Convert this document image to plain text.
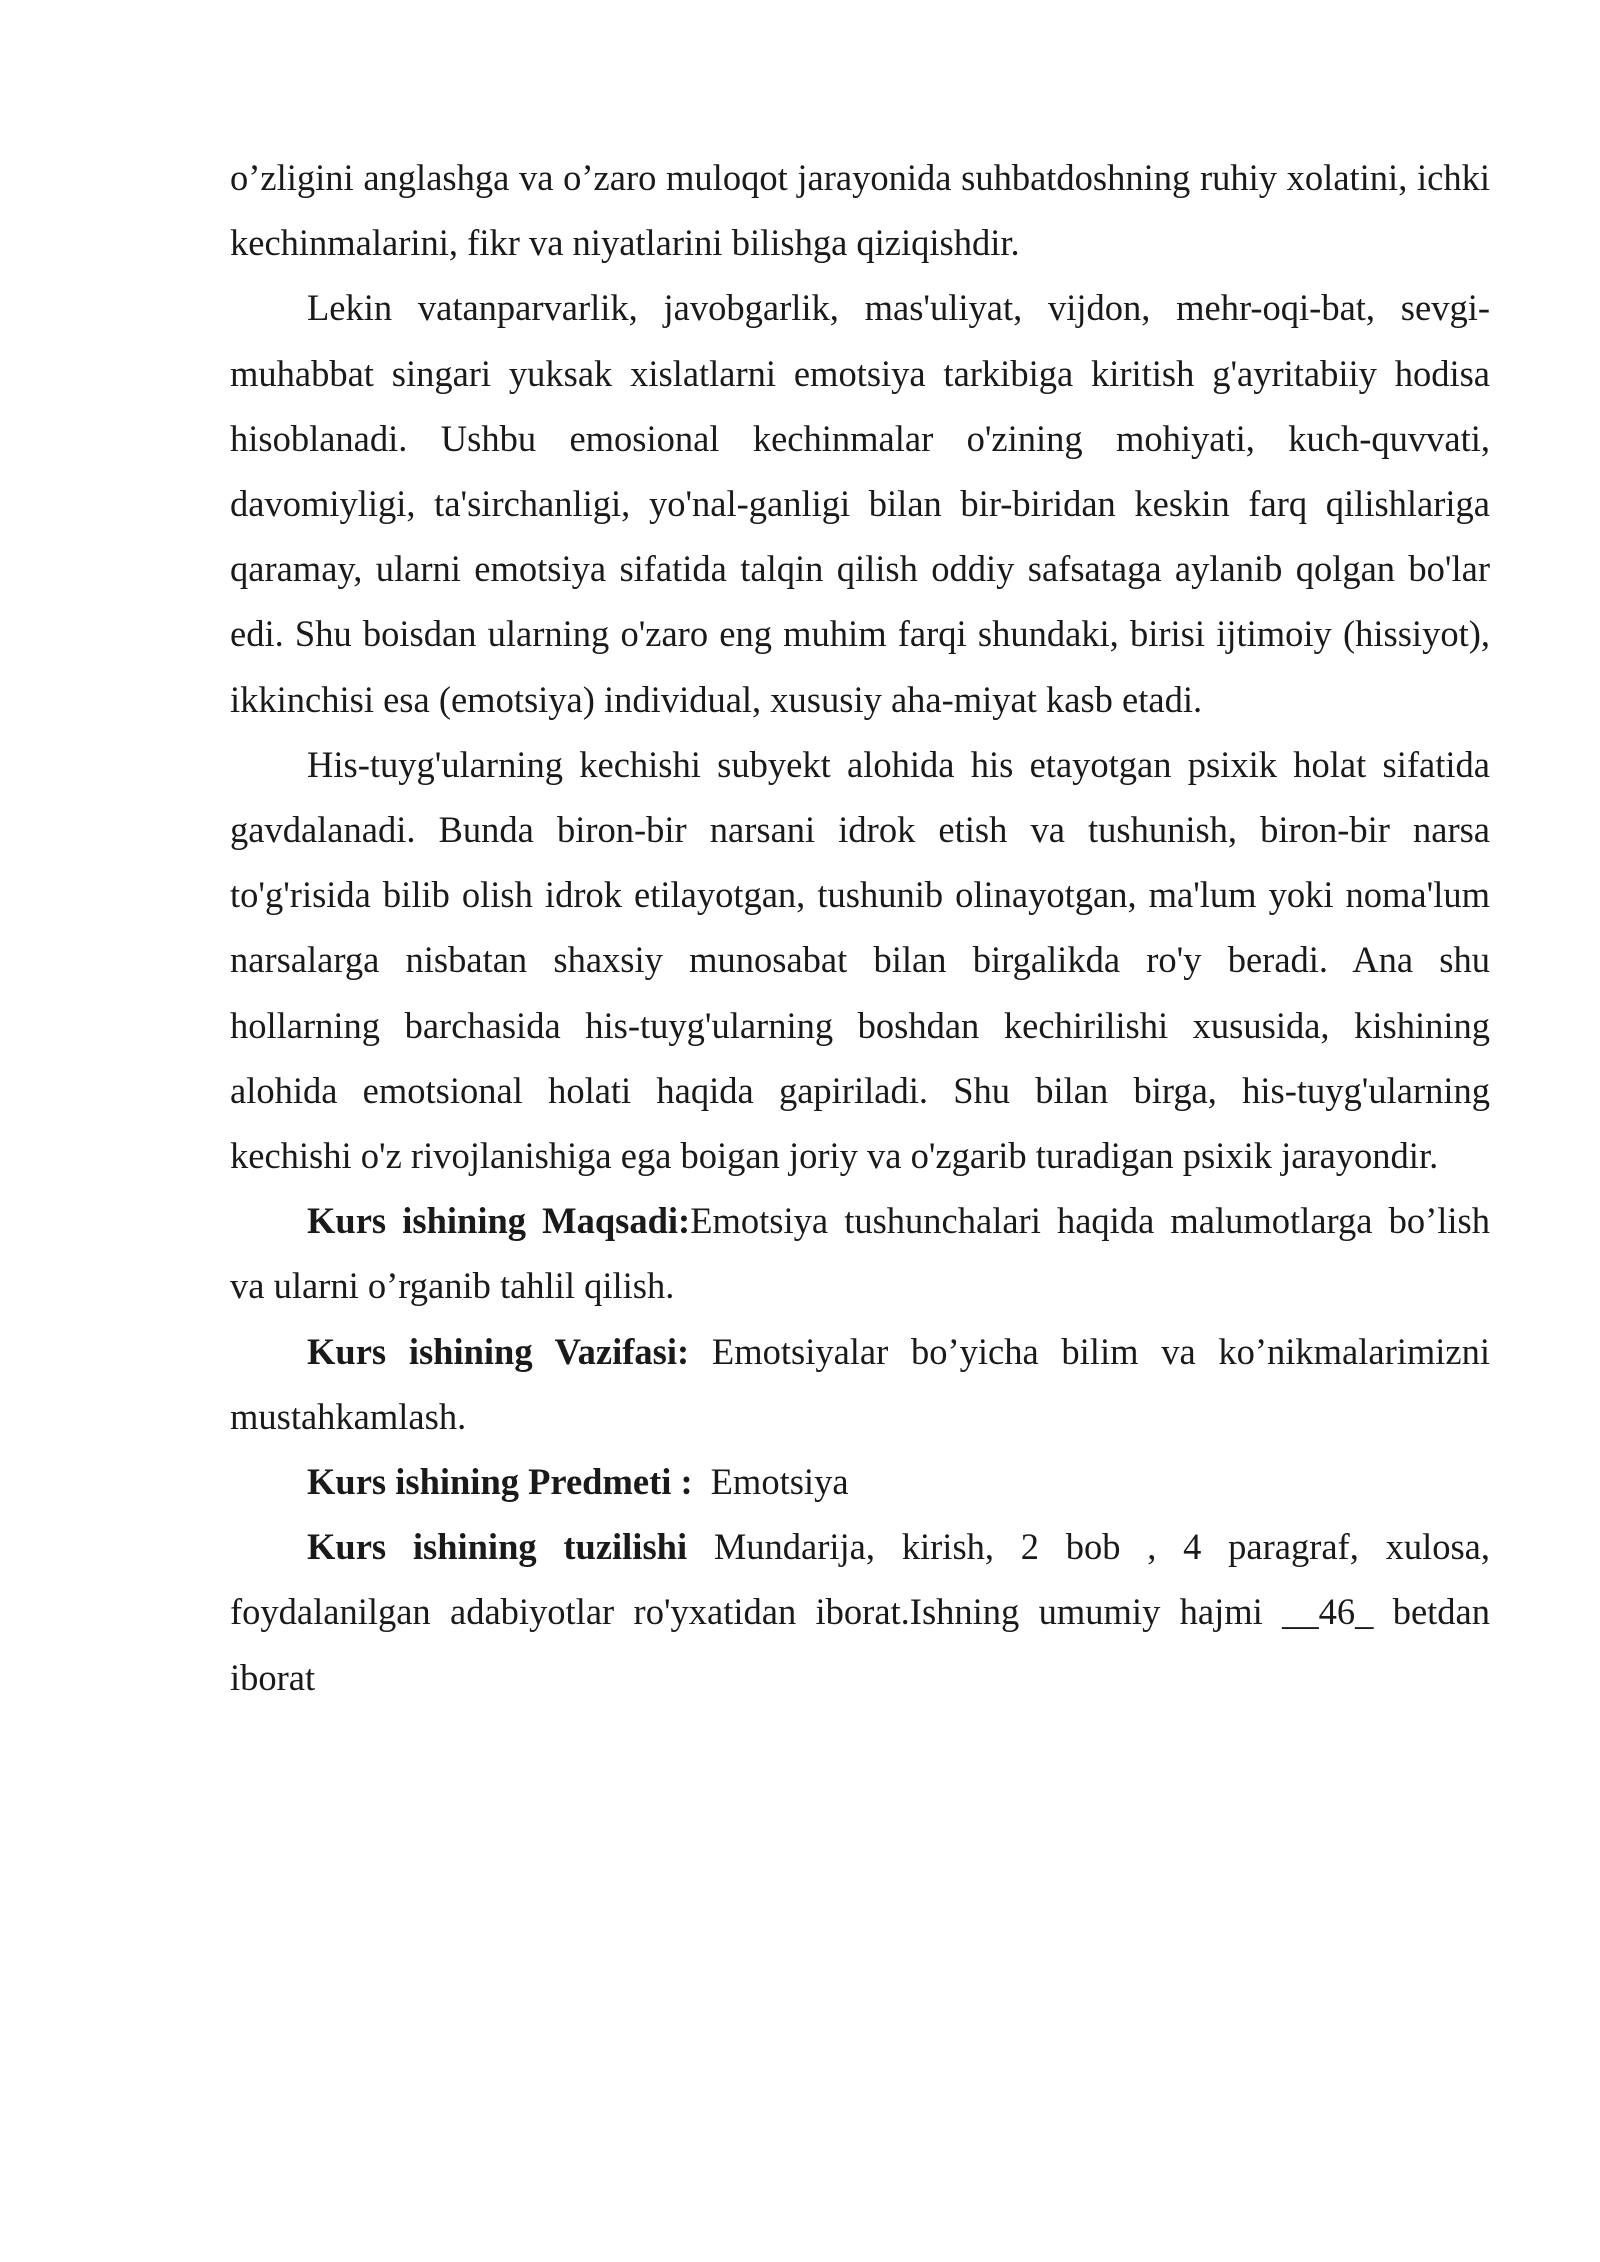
o’zligini anglashga va o’zaro muloqot jarayonida suhbatdoshning ruhiy xolatini, ichki kechinmalarini, fikr va niyatlarini bilishga qiziqishdir.

Lekin vatanparvarlik, javobgarlik, mas'uliyat, vijdon, mehr-oqi-bat, sevgi-muhabbat singari yuksak xislatlarni emotsiya tarkibiga kiritish g'ayritabiiy hodisa hisoblanadi. Ushbu emosional kechinmalar o'zining mohiyati, kuch-quvvati, davomiyligi, ta'sirchanligi, yo'nal-ganligi bilan bir-biridan keskin farq qilishlariga qaramay, ularni emotsiya sifatida talqin qilish oddiy safsataga aylanib qolgan bo'lar edi. Shu boisdan ularning o'zaro eng muhim farqi shundaki, birisi ijtimoiy (hissiyot), ikkinchisi esa (emotsiya) individual, xususiy aha-miyat kasb etadi.

His-tuyg'ularning kechishi subyekt alohida his etayotgan psixik holat sifatida gavdalanadi. Bunda biron-bir narsani idrok etish va tushunish, biron-bir narsa to'g'risida bilib olish idrok etilayotgan, tushunib olinayotgan, ma'lum yoki noma'lum narsalarga nisbatan shaxsiy munosabat bilan birgalikda ro'y beradi. Ana shu hollarning barchasida his-tuyg'ularning boshdan kechirilishi xususida, kishining alohida emotsional holati haqida gapiriladi. Shu bilan birga, his-tuyg'ularning kechishi o'z rivojlanishiga ega boigan joriy va o'zgarib turadigan psixik jarayondir.

Kurs ishining Maqsadi:Emotsiya tushunchalari haqida malumotlarga bo’lish va ularni o’rganib tahlil qilish.

Kurs ishining Vazifasi: Emotsiyalar bo’yicha bilim va ko’nikmalarimizni mustahkamlash.

Kurs ishining Predmeti : Emotsiya

Kurs ishining tuzilishi Mundarija, kirish, 2 bob , 4 paragraf, xulosa, foydalanilgan adabiyotlar ro'yxatidan iborat.Ishning umumiy hajmi __46_ betdan iborat
